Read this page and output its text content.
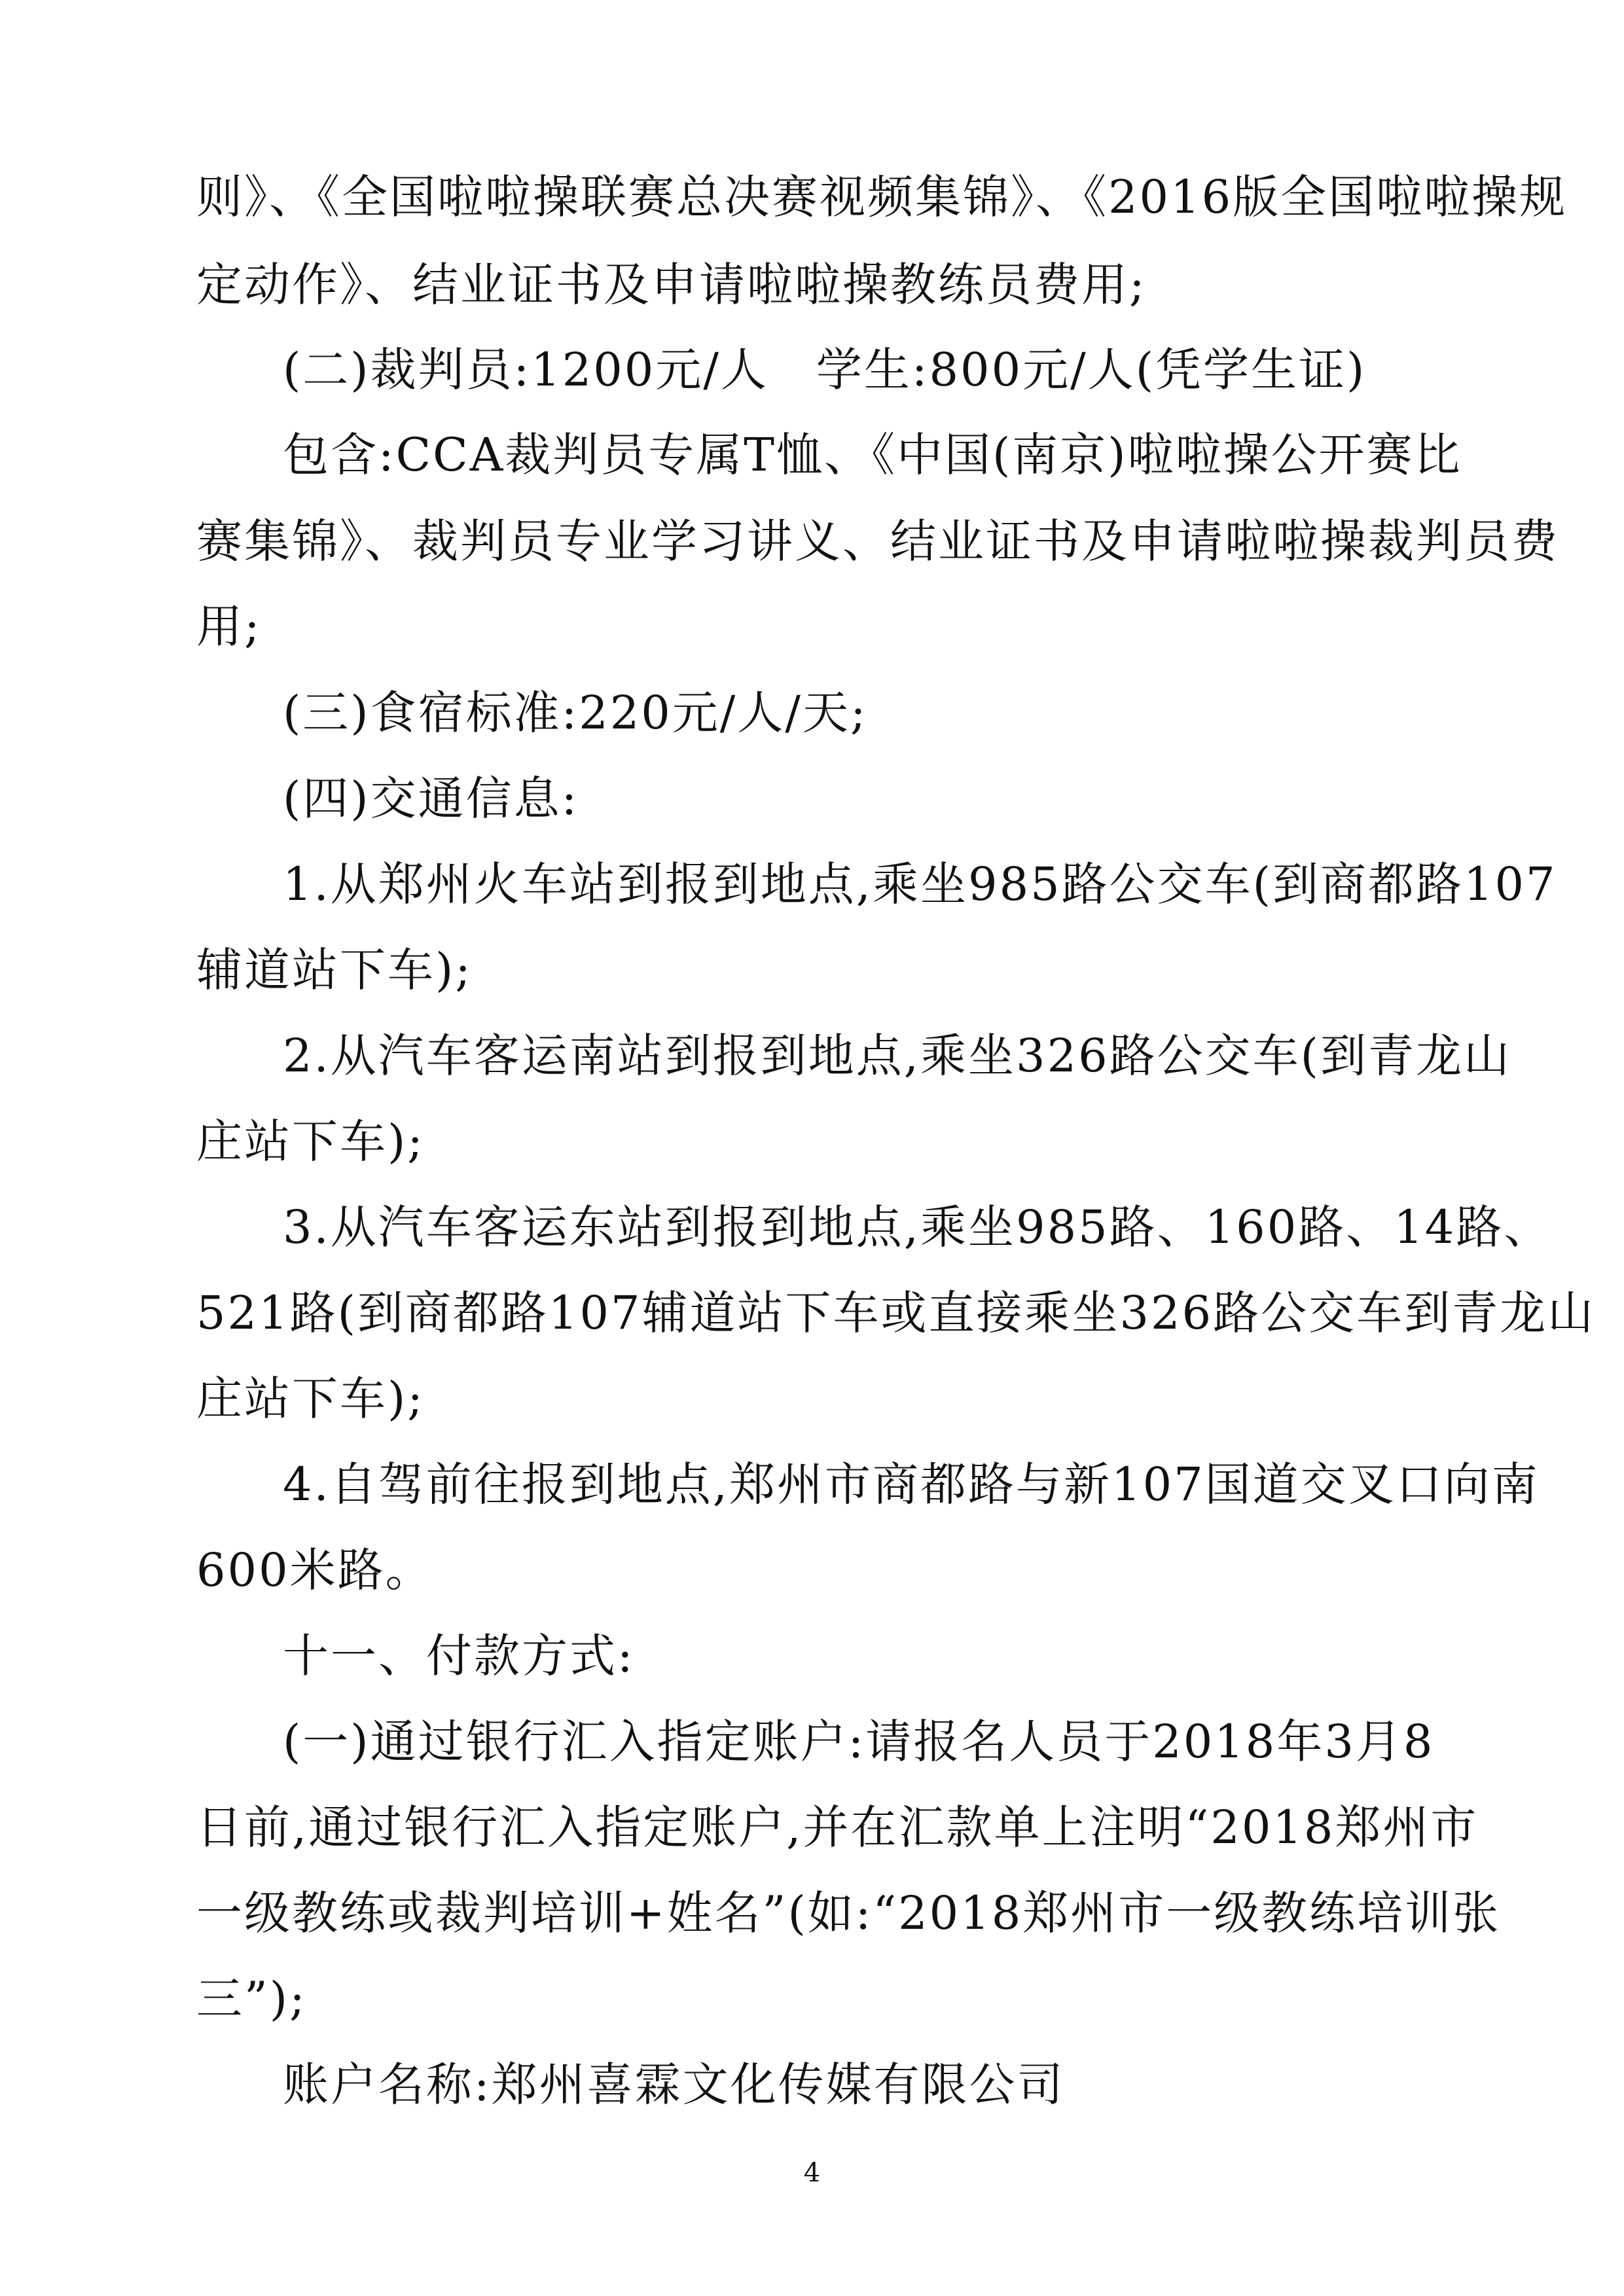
则》、《全国啦啦操联赛总决赛视频集锦》、《2016版全国啦啦操规
定动作》、结业证书及申请啦啦操教练员费用;
(二)裁判员:1200元/人　学生:800元/人(凭学生证)
包含:CCA裁判员专属T恤、《中国(南京)啦啦操公开赛比
赛集锦》、裁判员专业学习讲义、结业证书及申请啦啦操裁判员费
用;
(三)食宿标准:220元/人/天;
(四)交通信息:
1.从郑州火车站到报到地点,乘坐985路公交车(到商都路107
辅道站下车);
2.从汽车客运南站到报到地点,乘坐326路公交车(到青龙山
庄站下车);
3.从汽车客运东站到报到地点,乘坐985路、160路、14路、
521路(到商都路107辅道站下车或直接乘坐326路公交车到青龙山
庄站下车);
4.自驾前往报到地点,郑州市商都路与新107国道交叉口向南
600米路。
十一、付款方式:
(一)通过银行汇入指定账户:请报名人员于2018年3月8
日前,通过银行汇入指定账户,并在汇款单上注明“2018郑州市
一级教练或裁判培训+姓名”(如:“2018郑州市一级教练培训张
三”);
账户名称:郑州喜霖文化传媒有限公司
4
